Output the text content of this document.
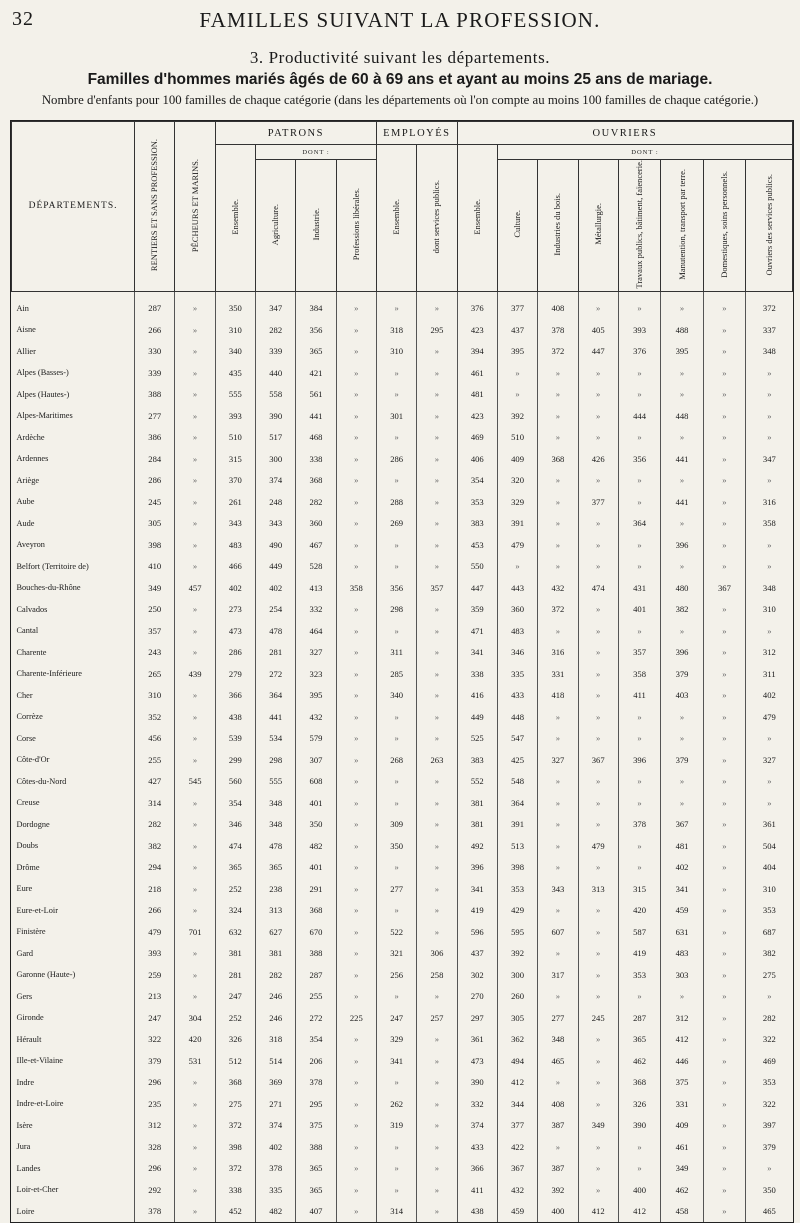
32	FAMILLES SUIVANT LA PROFESSION.
3. Productivité suivant les départements.
Familles d'hommes mariés âgés de 60 à 69 ans et ayant au moins 25 ans de mariage.
Nombre d'enfants pour 100 familles de chaque catégorie (dans les départements où l'on compte au moins 100 familles de chaque catégorie.)
DÉPARTEMENTS.	RENTIERS ET SANS PROFESSION.	PÊCHEURS ET MARINS.	PATRONS				EMPLOYÉS		OUVRIERS							
			Ensemble.	DONT :			Ensemble.	dont services publics.	Ensemble.	DONT :						
				Agriculture.	Industrie.	Professions libérales.				Culture.	Industries du bois.	Métallurgie.	Travaux publics, bâtiment, faïencerie.	Manutention, transport par terre.	Domestiques, soins personnels.	Ouvriers des services publics.
Ain	287	»	350	347	384	»	»	»	376	377	408	»	»	»	»	372
Aisne	266	»	310	282	356	»	318	295	423	437	378	405	393	488	»	337
Allier	330	»	340	339	365	»	310	»	394	395	372	447	376	395	»	348
Alpes (Basses-)	339	»	435	440	421	»	»	»	461	»	»	»	»	»	»	»
Alpes (Hautes-)	388	»	555	558	561	»	»	»	481	»	»	»	»	»	»	»
Alpes-Maritimes	277	»	393	390	441	»	301	»	423	392	»	»	444	448	»	»
Ardèche	386	»	510	517	468	»	»	»	469	510	»	»	»	»	»	»
Ardennes	284	»	315	300	338	»	286	»	406	409	368	426	356	441	»	347
Ariège	286	»	370	374	368	»	»	»	354	320	»	»	»	»	»	»
Aube	245	»	261	248	282	»	288	»	353	329	»	377	»	441	»	316
Aude	305	»	343	343	360	»	269	»	383	391	»	»	364	»	»	358
Aveyron	398	»	483	490	467	»	»	»	453	479	»	»	»	396	»	»
Belfort (Territoire de)	410	»	466	449	528	»	»	»	550	»	»	»	»	»	»	»
Bouches-du-Rhône	349	457	402	402	413	358	356	357	447	443	432	474	431	480	367	348
Calvados	250	»	273	254	332	»	298	»	359	360	372	»	401	382	»	310
Cantal	357	»	473	478	464	»	»	»	471	483	»	»	»	»	»	»
Charente	243	»	286	281	327	»	311	»	341	346	316	»	357	396	»	312
Charente-Inférieure	265	439	279	272	323	»	285	»	338	335	331	»	358	379	»	311
Cher	310	»	366	364	395	»	340	»	416	433	418	»	411	403	»	402
Corrèze	352	»	438	441	432	»	»	»	449	448	»	»	»	»	»	479
Corse	456	»	539	534	579	»	»	»	525	547	»	»	»	»	»	»
Côte-d'Or	255	»	299	298	307	»	268	263	383	425	327	367	396	379	»	327
Côtes-du-Nord	427	545	560	555	608	»	»	»	552	548	»	»	»	»	»	»
Creuse	314	»	354	348	401	»	»	»	381	364	»	»	»	»	»	»
Dordogne	282	»	346	348	350	»	309	»	381	391	»	»	378	367	»	361
Doubs	382	»	474	478	482	»	350	»	492	513	»	479	»	481	»	504
Drôme	294	»	365	365	401	»	»	»	396	398	»	»	»	402	»	404
Eure	218	»	252	238	291	»	277	»	341	353	343	313	315	341	»	310
Eure-et-Loir	266	»	324	313	368	»	»	»	419	429	»	»	420	459	»	353
Finistère	479	701	632	627	670	»	522	»	596	595	607	»	587	631	»	687
Gard	393	»	381	381	388	»	321	306	437	392	»	»	419	483	»	382
Garonne (Haute-)	259	»	281	282	287	»	256	258	302	300	317	»	353	303	»	275
Gers	213	»	247	246	255	»	»	»	270	260	»	»	»	»	»	»
Gironde	247	304	252	246	272	225	247	257	297	305	277	245	287	312	»	282
Hérault	322	420	326	318	354	»	329	»	361	362	348	»	365	412	»	322
Ille-et-Vilaine	379	531	512	514	206	»	341	»	473	494	465	»	462	446	»	469
Indre	296	»	368	369	378	»	»	»	390	412	»	»	368	375	»	353
Indre-et-Loire	235	»	275	271	295	»	262	»	332	344	408	»	326	331	»	322
Isère	312	»	372	374	375	»	319	»	374	377	387	349	390	409	»	397
Jura	328	»	398	402	388	»	»	»	433	422	»	»	»	461	»	379
Landes	296	»	372	378	365	»	»	»	366	367	387	»	»	349	»	»
Loir-et-Cher	292	»	338	335	365	»	»	»	411	432	392	»	400	462	»	350
Loire	378	»	452	482	407	»	314	»	438	459	400	412	412	458	»	465
